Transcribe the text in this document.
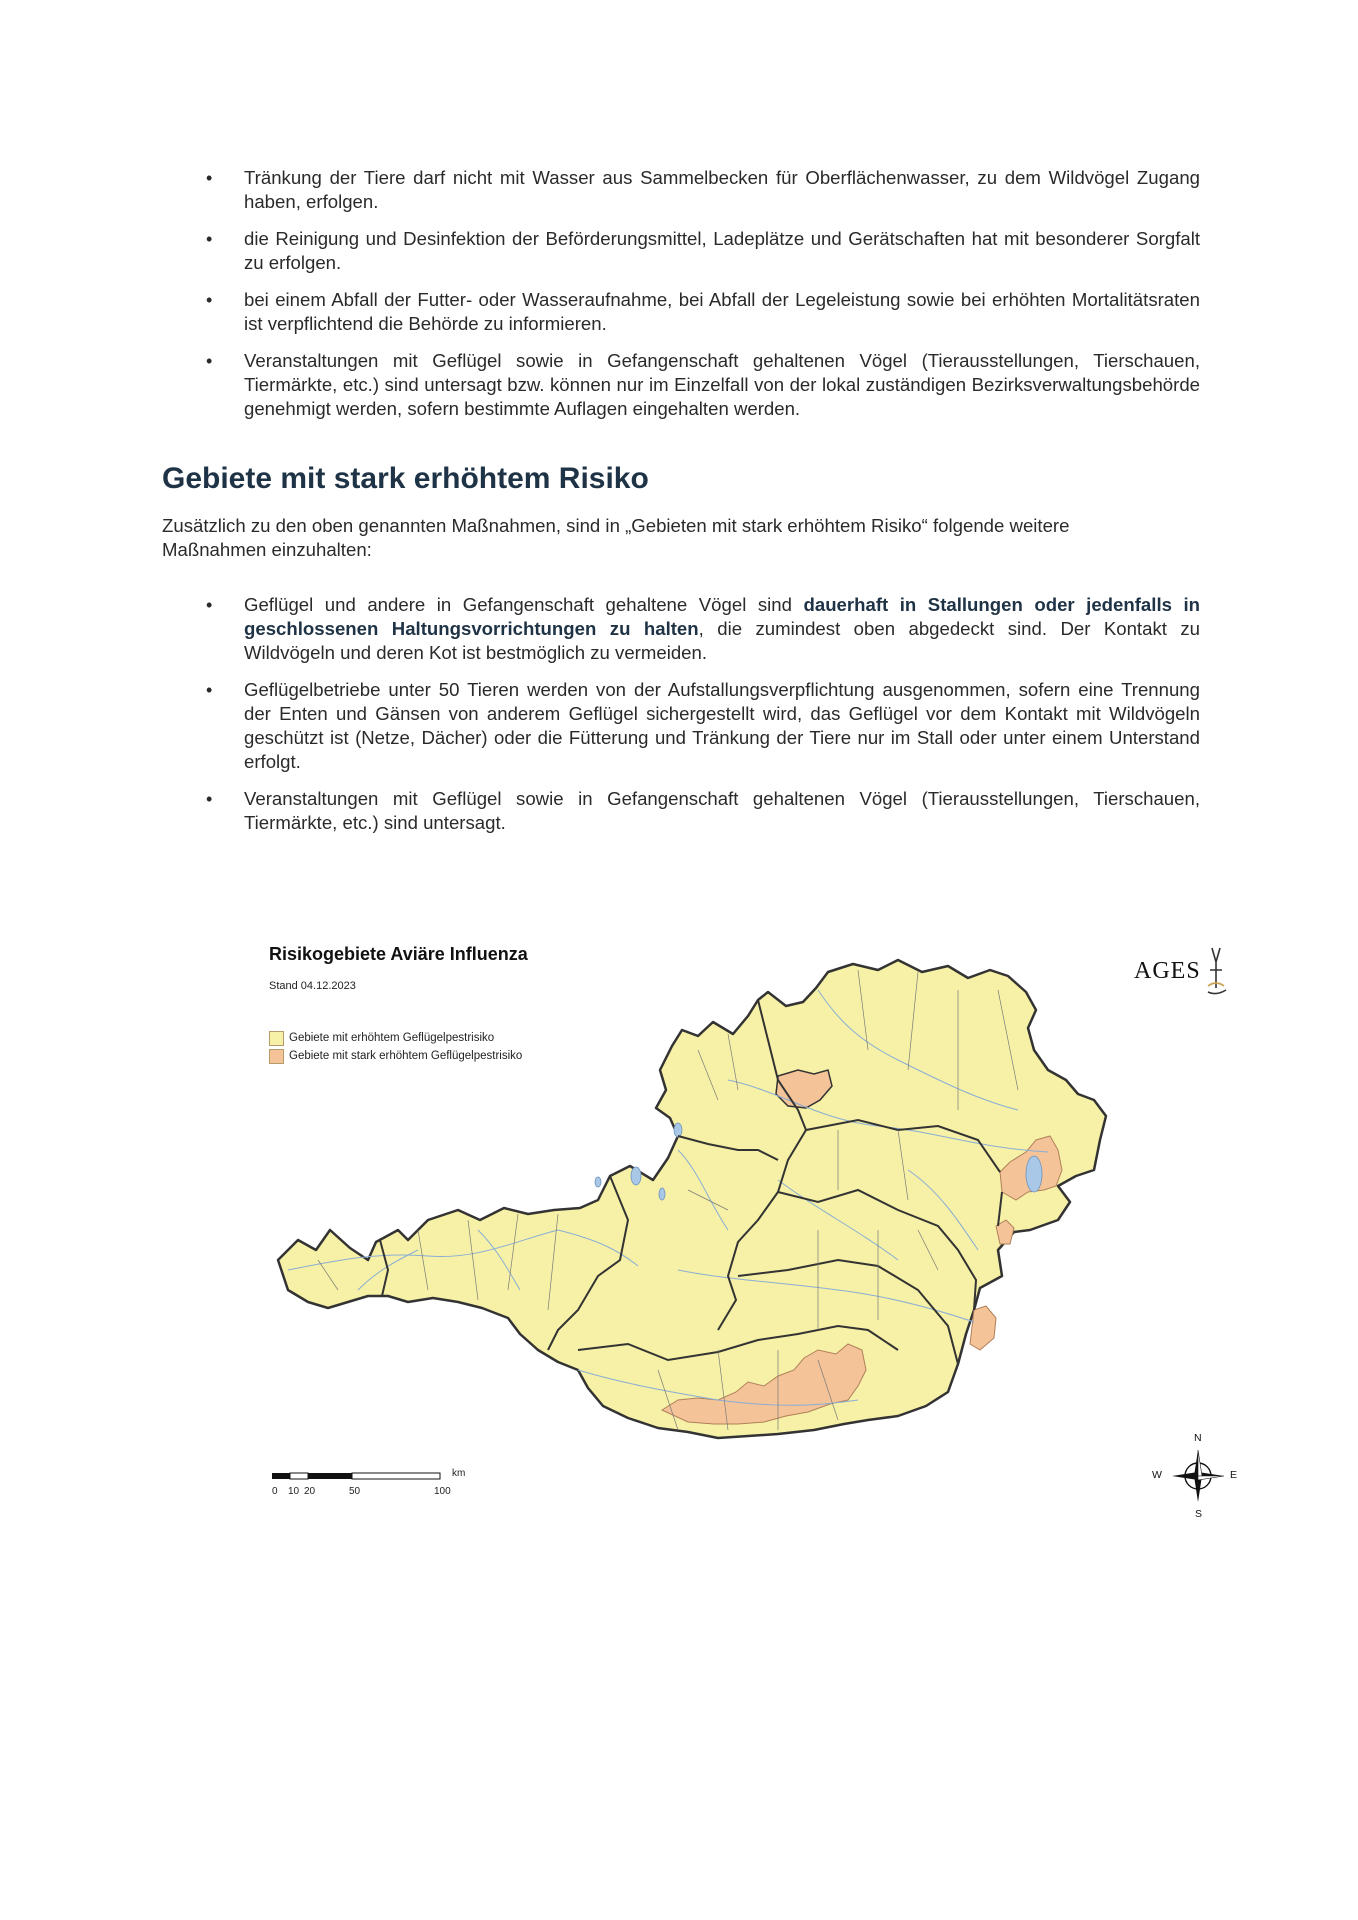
• Tränkung der Tiere darf nicht mit Wasser aus Sammelbecken für Oberflächenwasser, zu dem Wildvögel Zugang haben, erfolgen.
• die Reinigung und Desinfektion der Beförderungsmittel, Ladeplätze und Gerätschaften hat mit besonderer Sorgfalt zu erfolgen.
• bei einem Abfall der Futter- oder Wasseraufnahme, bei Abfall der Legeleistung sowie bei erhöhten Mortalitätsraten ist verpflichtend die Behörde zu informieren.
• Veranstaltungen mit Geflügel sowie in Gefangenschaft gehaltenen Vögel (Tierausstellungen, Tierschauen, Tiermärkte, etc.) sind untersagt bzw. können nur im Einzelfall von der lokal zuständigen Bezirksverwaltungsbehörde genehmigt werden, sofern bestimmte Auflagen eingehalten werden.
Gebiete mit stark erhöhtem Risiko

Zusätzlich zu den oben genannten Maßnahmen, sind in „Gebieten mit stark erhöhtem Risiko“ folgende weitere Maßnahmen einzuhalten:

• Geflügel und andere in Gefangenschaft gehaltene Vögel sind dauerhaft in Stallungen oder jedenfalls in geschlossenen Haltungsvorrichtungen zu halten, die zumindest oben abgedeckt sind. Der Kontakt zu Wildvögeln und deren Kot ist bestmöglich zu vermeiden.
• Geflügelbetriebe unter 50 Tieren werden von der Aufstallungsverpflichtung ausgenommen, sofern eine Trennung der Enten und Gänsen von anderem Geflügel sichergestellt wird, das Geflügel vor dem Kontakt mit Wildvögeln geschützt ist (Netze, Dächer) oder die Fütterung und Tränkung der Tiere nur im Stall oder unter einem Unterstand erfolgt.
• Veranstaltungen mit Geflügel sowie in Gefangenschaft gehaltenen Vögel (Tierausstellungen, Tierschauen, Tiermärkte, etc.) sind untersagt.

Risikogebiete Aviäre Influenza

Stand 04.12.2023
Gebiete mit erhöhtem Geflügelpestrisiko
Gebiete mit stark erhöhtem Geflügelpestrisiko
AGES
km
0 10 20	50	100
N
S
E
W
